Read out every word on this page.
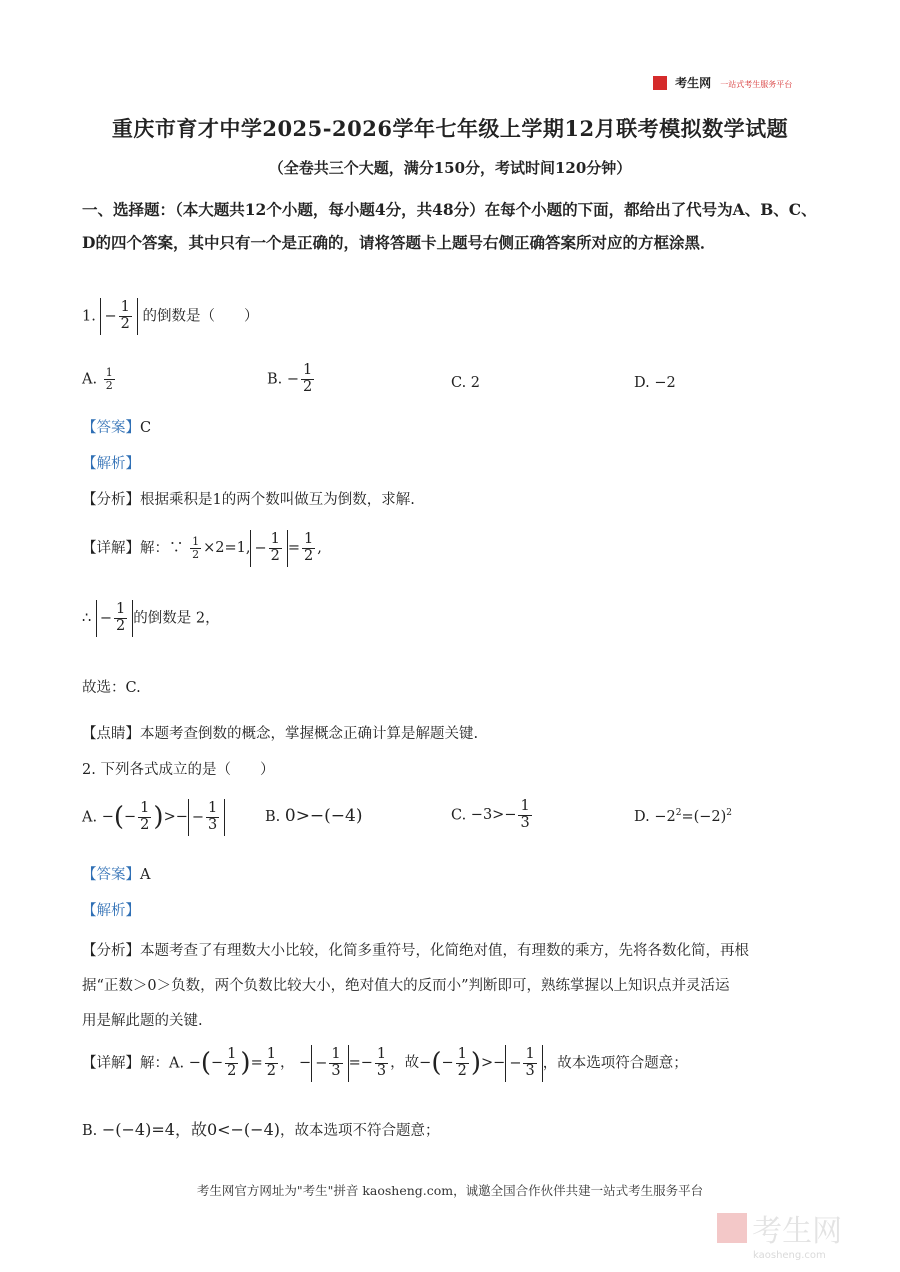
考生网 一站式考生服务平台
重庆市育才中学2025-2026学年七年级上学期12月联考模拟数学试题
（全卷共三个大题，满分150分，考试时间120分钟）
一、选择题：（本大题共12个小题，每小题4分，共48分）在每个小题的下面，都给出了代号为A、B、C、D的四个答案，其中只有一个是正确的，请将答题卡上题号右侧正确答案所对应的方框涂黑．
1. − $\frac{1}{2}$ 的倒数是（　　）
A. $\frac{1}{2}$	B. − $\frac{1}{2}$	C. 2	D. −2
【答案】C
【解析】
【分析】根据乘积是1的两个数叫做互为倒数，求解.
【详解】解：∵ $\frac{1}{2} \times 2=1$, − $\frac{1}{2} = \frac{1}{2}$ ,
∴ − $\frac{1}{2}$ 的倒数是 2，
故选：C.
【点睛】本题考查倒数的概念，掌握概念正确计算是解题关键.
2. 下列各式成立的是（　　）
A. −(− $\frac{1}{2}$ )>− − $\frac{1}{3}$	B. 0>−(−4)	C. $-3>- \frac{1}{3}$	D. $-2^2=(-2)^2$
【答案】A
【解析】
【分析】本题考查了有理数大小比较，化简多重符号，化简绝对值，有理数的乘方，先将各数化简，再根
据“正数＞0＞负数，两个负数比较大小，绝对值大的反而小”判断即可，熟练掌握以上知识点并灵活运
用是解此题的关键.
【详解】解：A. −(− $\frac{1}{2}$ )= $\frac{1}{2}$ ， − − $\frac{1}{3} =- \frac{1}{3}$ ，故−(− $\frac{1}{2}$ )>− − $\frac{1}{3}$ ，故本选项符合题意；
B. −(−4)=4，故0<−(−4)，故本选项不符合题意；
考生网官方网址为"考生"拼音 kaosheng.com，诚邀全国合作伙伴共建一站式考生服务平台
考生网
kaosheng.com
